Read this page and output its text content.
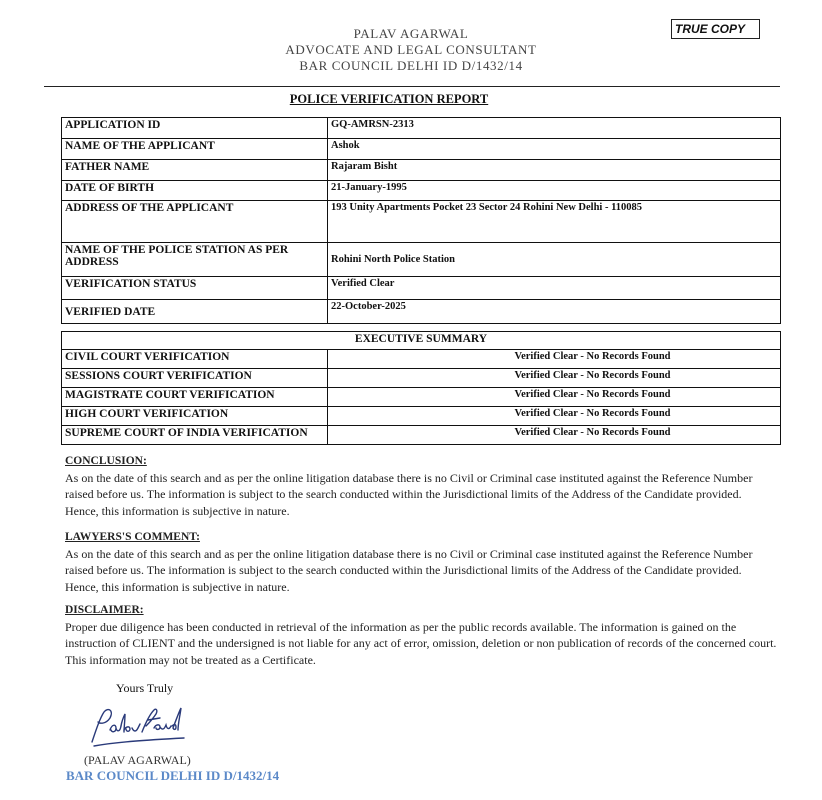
PALAV AGARWAL
ADVOCATE AND LEGAL CONSULTANT
BAR COUNCIL DELHI ID D/1432/14
TRUE COPY
POLICE VERIFICATION REPORT
APPLICATION ID	GQ-AMRSN-2313
NAME OF THE APPLICANT	Ashok
FATHER NAME	Rajaram Bisht
DATE OF BIRTH	21-January-1995
ADDRESS OF THE APPLICANT	193 Unity Apartments Pocket 23 Sector 24 Rohini New Delhi - 110085
NAME OF THE POLICE STATION AS PER ADDRESS	Rohini North Police Station
VERIFICATION STATUS	Verified Clear
VERIFIED DATE	22-October-2025
EXECUTIVE SUMMARY	
CIVIL COURT VERIFICATION	Verified Clear - No Records Found
SESSIONS COURT VERIFICATION	Verified Clear - No Records Found
MAGISTRATE COURT VERIFICATION	Verified Clear - No Records Found
HIGH COURT VERIFICATION	Verified Clear - No Records Found
SUPREME COURT OF INDIA VERIFICATION	Verified Clear - No Records Found
CONCLUSION:
As on the date of this search and as per the online litigation database there is no Civil or Criminal case instituted against the Reference Number raised before us. The information is subject to the search conducted within the Jurisdictional limits of the Address of the Candidate provided. Hence, this information is subjective in nature.
LAWYERS'S COMMENT:
As on the date of this search and as per the online litigation database there is no Civil or Criminal case instituted against the Reference Number raised before us. The information is subject to the search conducted within the Jurisdictional limits of the Address of the Candidate provided. Hence, this information is subjective in nature.
DISCLAIMER:
Proper due diligence has been conducted in retrieval of the information as per the public records available. The information is gained on the instruction of CLIENT and the undersigned is not liable for any act of error, omission, deletion or non publication of records of the concerned court. This information may not be treated as a Certificate.
Yours Truly
(PALAV AGARWAL)
BAR COUNCIL DELHI ID D/1432/14
